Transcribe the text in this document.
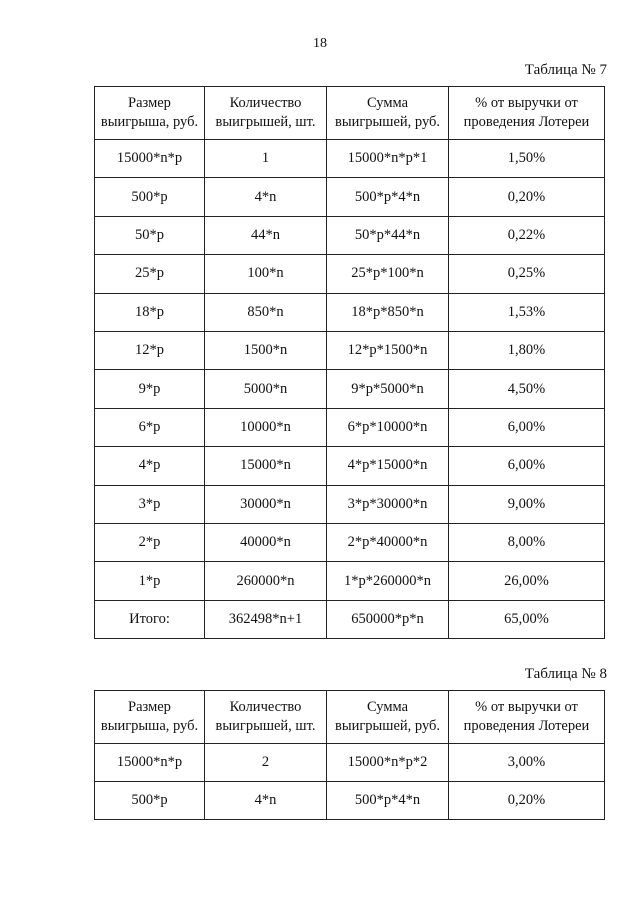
18
Таблица № 7
Размер выигрыша, руб.	Количество выигрышей, шт.	Сумма выигрышей, руб.	% от выручки от проведения Лотереи
15000*n*p	1	15000*n*p*1	1,50%
500*p	4*n	500*p*4*n	0,20%
50*p	44*n	50*p*44*n	0,22%
25*p	100*n	25*p*100*n	0,25%
18*p	850*n	18*p*850*n	1,53%
12*p	1500*n	12*p*1500*n	1,80%
9*p	5000*n	9*p*5000*n	4,50%
6*p	10000*n	6*p*10000*n	6,00%
4*p	15000*n	4*p*15000*n	6,00%
3*p	30000*n	3*p*30000*n	9,00%
2*p	40000*n	2*p*40000*n	8,00%
1*p	260000*n	1*p*260000*n	26,00%
Итого:	362498*n+1	650000*p*n	65,00%
Таблица № 8
Размер выигрыша, руб.	Количество выигрышей, шт.	Сумма выигрышей, руб.	% от выручки от проведения Лотереи
15000*n*p	2	15000*n*p*2	3,00%
500*p	4*n	500*p*4*n	0,20%
